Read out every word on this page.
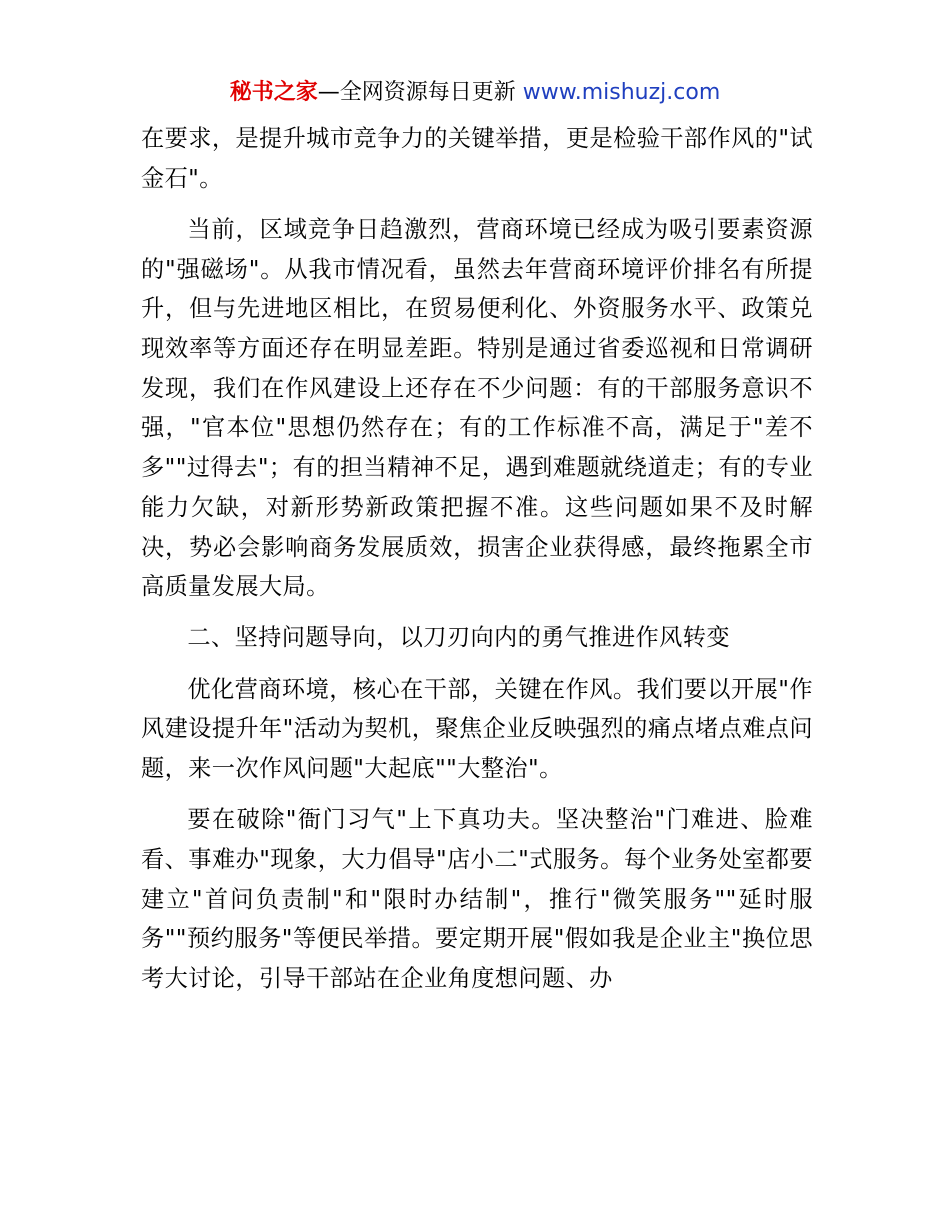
秘书之家—全网资源每日更新 www.mishuzj.com

在要求，是提升城市竞争力的关键举措，更是检验干部作风的"试金石"。

当前，区域竞争日趋激烈，营商环境已经成为吸引要素资源的"强磁场"。从我市情况看，虽然去年营商环境评价排名有所提升，但与先进地区相比，在贸易便利化、外资服务水平、政策兑现效率等方面还存在明显差距。特别是通过省委巡视和日常调研发现，我们在作风建设上还存在不少问题：有的干部服务意识不强，"官本位"思想仍然存在；有的工作标准不高，满足于"差不多""过得去"；有的担当精神不足，遇到难题就绕道走；有的专业能力欠缺，对新形势新政策把握不准。这些问题如果不及时解决，势必会影响商务发展质效，损害企业获得感，最终拖累全市高质量发展大局。

二、坚持问题导向，以刀刃向内的勇气推进作风转变

优化营商环境，核心在干部，关键在作风。我们要以开展"作风建设提升年"活动为契机，聚焦企业反映强烈的痛点堵点难点问题，来一次作风问题"大起底""大整治"。

要在破除"衙门习气"上下真功夫。坚决整治"门难进、脸难看、事难办"现象，大力倡导"店小二"式服务。每个业务处室都要建立"首问负责制"和"限时办结制"，推行"微笑服务""延时服务""预约服务"等便民举措。要定期开展"假如我是企业主"换位思考大讨论，引导干部站在企业角度想问题、办
